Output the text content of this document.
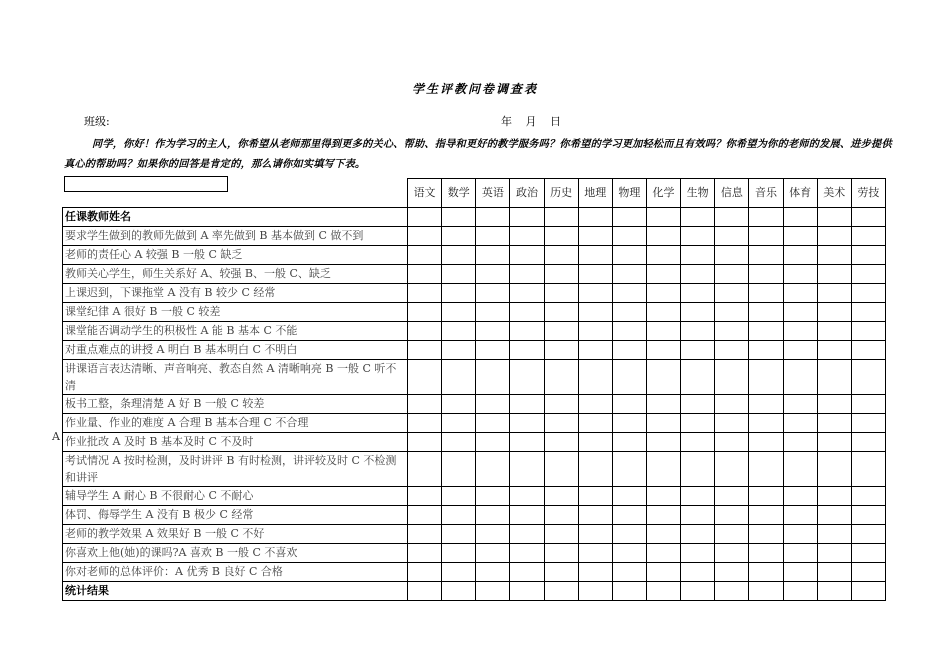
学生评教问卷调查表
班级:	年 月 日
同学，你好！作为学习的主人，你希望从老师那里得到更多的关心、帮助、指导和更好的教学服务吗？你希望的学习更加轻松而且有效吗？你希望为你的老师的发展、进步提供真心的帮助吗？如果你的回答是肯定的，那么请你如实填写下表。
	语文	数学	英语	政治	历史	地理	物理	化学	生物	信息	音乐	体育	美术	劳技
任课教师姓名														
要求学生做到的教师先做到 A 率先做到 B 基本做到 C 做不到														
老师的责任心 A 较强 B 一般 C 缺乏														
教师关心学生，师生关系好 A、较强 B、一般 C、缺乏														
上课迟到，下课拖堂 A 没有 B 较少 C 经常														
课堂纪律 A 很好 B 一般 C 较差														
课堂能否调动学生的积极性 A 能 B 基本 C 不能														
对重点难点的讲授 A 明白 B 基本明白 C 不明白														
讲课语言表达清晰、声音响亮、教态自然 A 清晰响亮 B 一般 C 听不清														
板书工整，条理清楚 A 好 B 一般 C 较差														
作业量、作业的难度 A 合理 B 基本合理 C 不合理														
作业批改 A 及时 B 基本及时 C 不及时														
考试情况 A 按时检测，及时讲评 B 有时检测，讲评较及时 C 不检测和讲评														
辅导学生 A 耐心 B 不很耐心 C 不耐心														
体罚、侮辱学生 A 没有 B 极少 C 经常														
老师的教学效果 A 效果好 B 一般 C 不好														
你喜欢上他(她)的课吗?A 喜欢 B 一般 C 不喜欢														
你对老师的总体评价：A 优秀 B 良好 C 合格														
统计结果														
A
